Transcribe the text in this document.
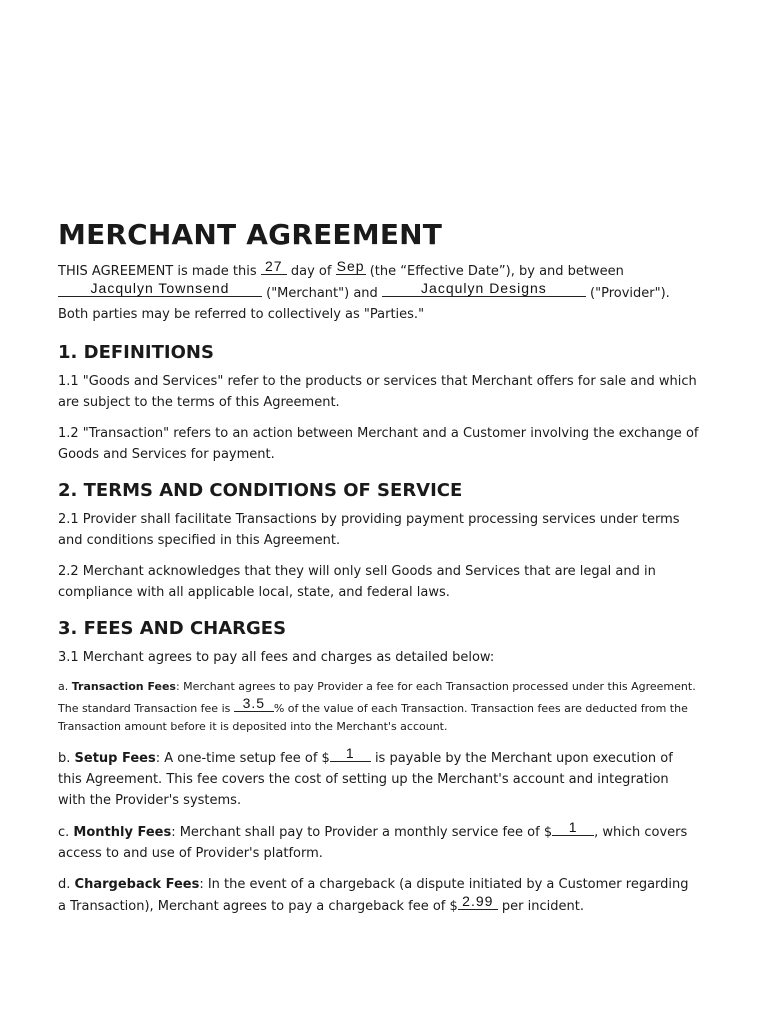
MERCHANT AGREEMENT

THIS AGREEMENT is made this 27 day of Sep (the “Effective Date”), by and between

Jacqulyn Townsend	("Merchant") and	Jacqulyn Designs	("Provider"). Both parties may be referred to collectively as "Parties."

1. DEFINITIONS

1.1 "Goods and Services" refer to the products or services that Merchant offers for sale and which are subject to the terms of this Agreement.

1.2 "Transaction" refers to an action between Merchant and a Customer involving the exchange of Goods and Services for payment.

2. TERMS AND CONDITIONS OF SERVICE

2.1 Provider shall facilitate Transactions by providing payment processing services under terms and conditions specified in this Agreement.

2.2 Merchant acknowledges that they will only sell Goods and Services that are legal and in compliance with all applicable local, state, and federal laws.

3. FEES AND CHARGES

3.1 Merchant agrees to pay all fees and charges as detailed below:

a. Transaction Fees: Merchant agrees to pay Provider a fee for each Transaction processed under this Agreement. The standard Transaction fee is 3.5 % of the value of each Transaction. Transaction fees are deducted from the Transaction amount before it is deposited into the Merchant's account.

b. Setup Fees: A one-time setup fee of $	1	is payable by the Merchant upon execution of this Agreement. This fee covers the cost of setting up the Merchant's account and integration with the Provider's systems.

c. Monthly Fees: Merchant shall pay to Provider a monthly service fee of $	1	, which covers access to and use of Provider's platform.

d. Chargeback Fees: In the event of a chargeback (a dispute initiated by a Customer regarding a Transaction), Merchant agrees to pay a chargeback fee of $ 2.99 per incident.
